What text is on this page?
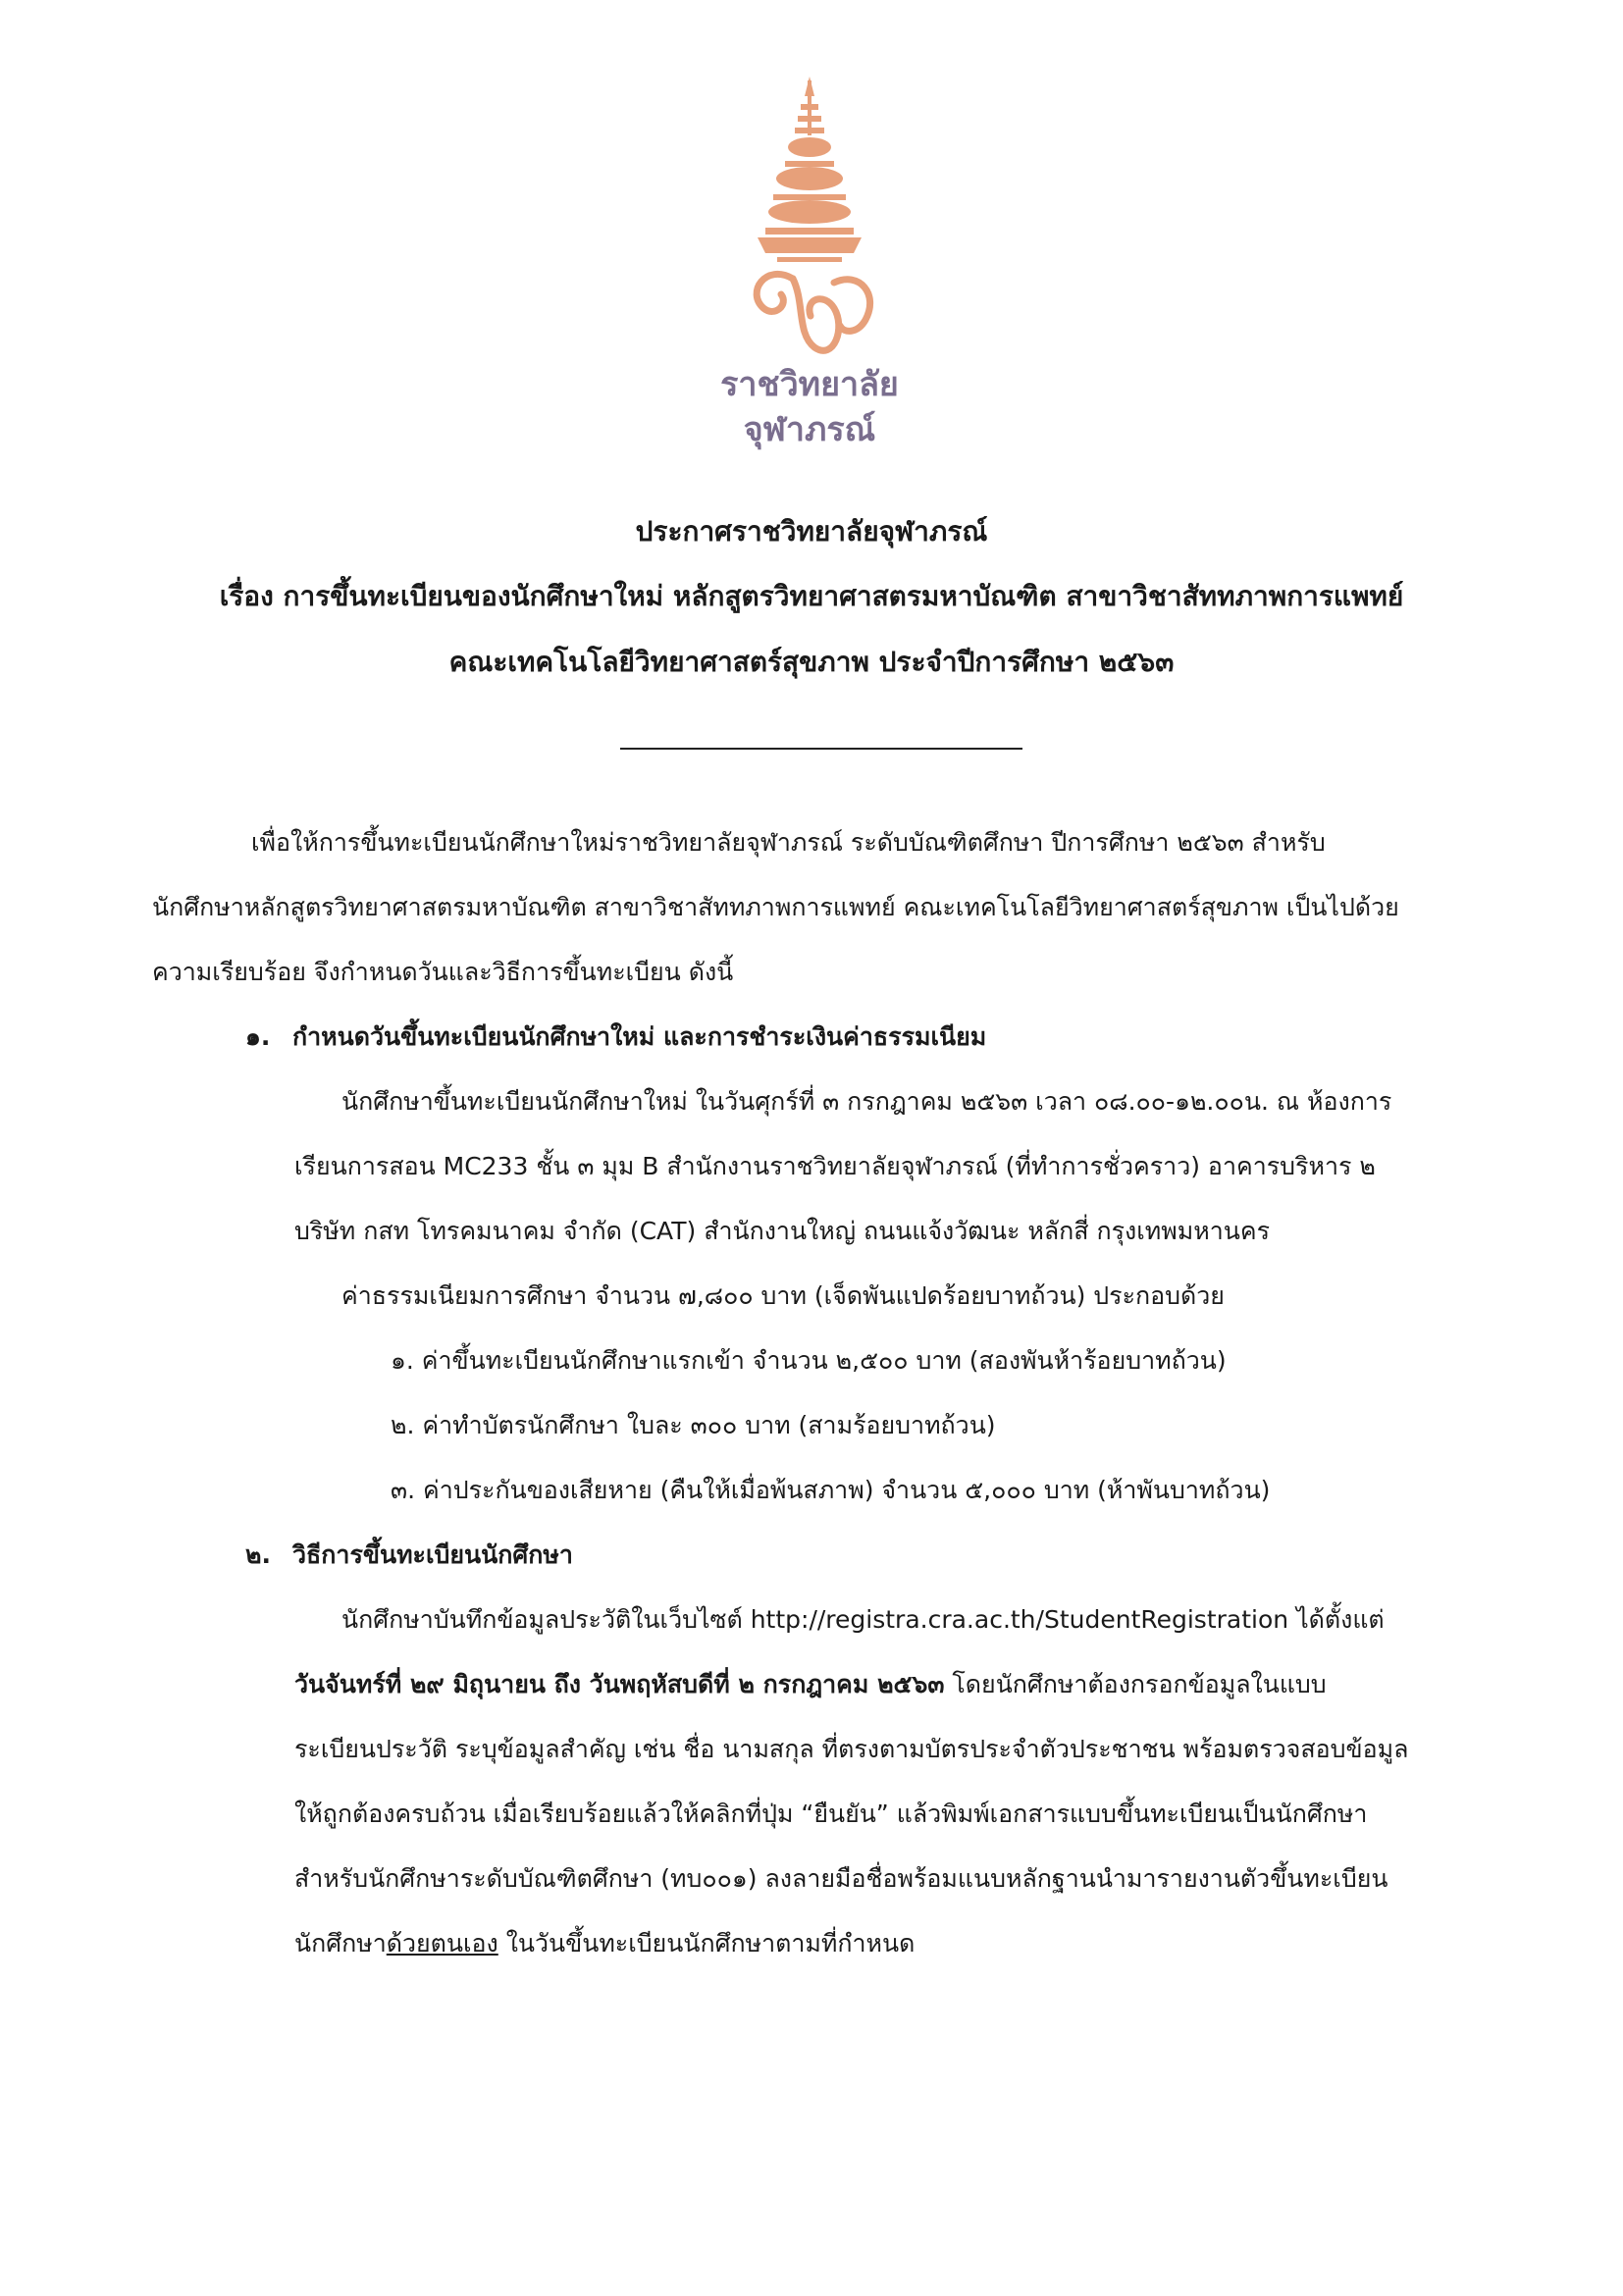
ราชวิทยาลัย
จุฬาภรณ์
ประกาศราชวิทยาลัยจุฬาภรณ์
เรื่อง การขึ้นทะเบียนของนักศึกษาใหม่ หลักสูตรวิทยาศาสตรมหาบัณฑิต สาขาวิชาสัททภาพการแพทย์
คณะเทคโนโลยีวิทยาศาสตร์สุขภาพ ประจำปีการศึกษา ๒๕๖๓
เพื่อให้การขึ้นทะเบียนนักศึกษาใหม่ราชวิทยาลัยจุฬาภรณ์ ระดับบัณฑิตศึกษา ปีการศึกษา ๒๕๖๓ สำหรับ
นักศึกษาหลักสูตรวิทยาศาสตรมหาบัณฑิต สาขาวิชาสัททภาพการแพทย์ คณะเทคโนโลยีวิทยาศาสตร์สุขภาพ เป็นไปด้วย
ความเรียบร้อย จึงกำหนดวันและวิธีการขึ้นทะเบียน ดังนี้
๑. กำหนดวันขึ้นทะเบียนนักศึกษาใหม่ และการชำระเงินค่าธรรมเนียม
นักศึกษาขึ้นทะเบียนนักศึกษาใหม่ ในวันศุกร์ที่ ๓ กรกฎาคม ๒๕๖๓ เวลา ๐๘.๐๐-๑๒.๐๐น. ณ ห้องการ
เรียนการสอน MC233 ชั้น ๓ มุม B สำนักงานราชวิทยาลัยจุฬาภรณ์ (ที่ทำการชั่วคราว) อาคารบริหาร ๒
บริษัท กสท โทรคมนาคม จำกัด (CAT) สำนักงานใหญ่ ถนนแจ้งวัฒนะ หลักสี่ กรุงเทพมหานคร
ค่าธรรมเนียมการศึกษา จำนวน ๗,๘๐๐ บาท (เจ็ดพันแปดร้อยบาทถ้วน) ประกอบด้วย
๑. ค่าขึ้นทะเบียนนักศึกษาแรกเข้า จำนวน ๒,๕๐๐ บาท (สองพันห้าร้อยบาทถ้วน)
๒. ค่าทำบัตรนักศึกษา ใบละ ๓๐๐ บาท (สามร้อยบาทถ้วน)
๓. ค่าประกันของเสียหาย (คืนให้เมื่อพ้นสภาพ) จำนวน ๕,๐๐๐ บาท (ห้าพันบาทถ้วน)
๒. วิธีการขึ้นทะเบียนนักศึกษา
นักศึกษาบันทึกข้อมูลประวัติในเว็บไซต์ http://registra.cra.ac.th/StudentRegistration ได้ตั้งแต่
วันจันทร์ที่ ๒๙ มิถุนายน ถึง วันพฤหัสบดีที่ ๒ กรกฎาคม ๒๕๖๓ โดยนักศึกษาต้องกรอกข้อมูลในแบบ
ระเบียนประวัติ ระบุข้อมูลสำคัญ เช่น ชื่อ นามสกุล ที่ตรงตามบัตรประจำตัวประชาชน พร้อมตรวจสอบข้อมูล
ให้ถูกต้องครบถ้วน เมื่อเรียบร้อยแล้วให้คลิกที่ปุ่ม “ยืนยัน” แล้วพิมพ์เอกสารแบบขึ้นทะเบียนเป็นนักศึกษา
สำหรับนักศึกษาระดับบัณฑิตศึกษา (ทบ๐๐๑) ลงลายมือชื่อพร้อมแนบหลักฐานนำมารายงานตัวขึ้นทะเบียน
นักศึกษาด้วยตนเอง ในวันขึ้นทะเบียนนักศึกษาตามที่กำหนด
